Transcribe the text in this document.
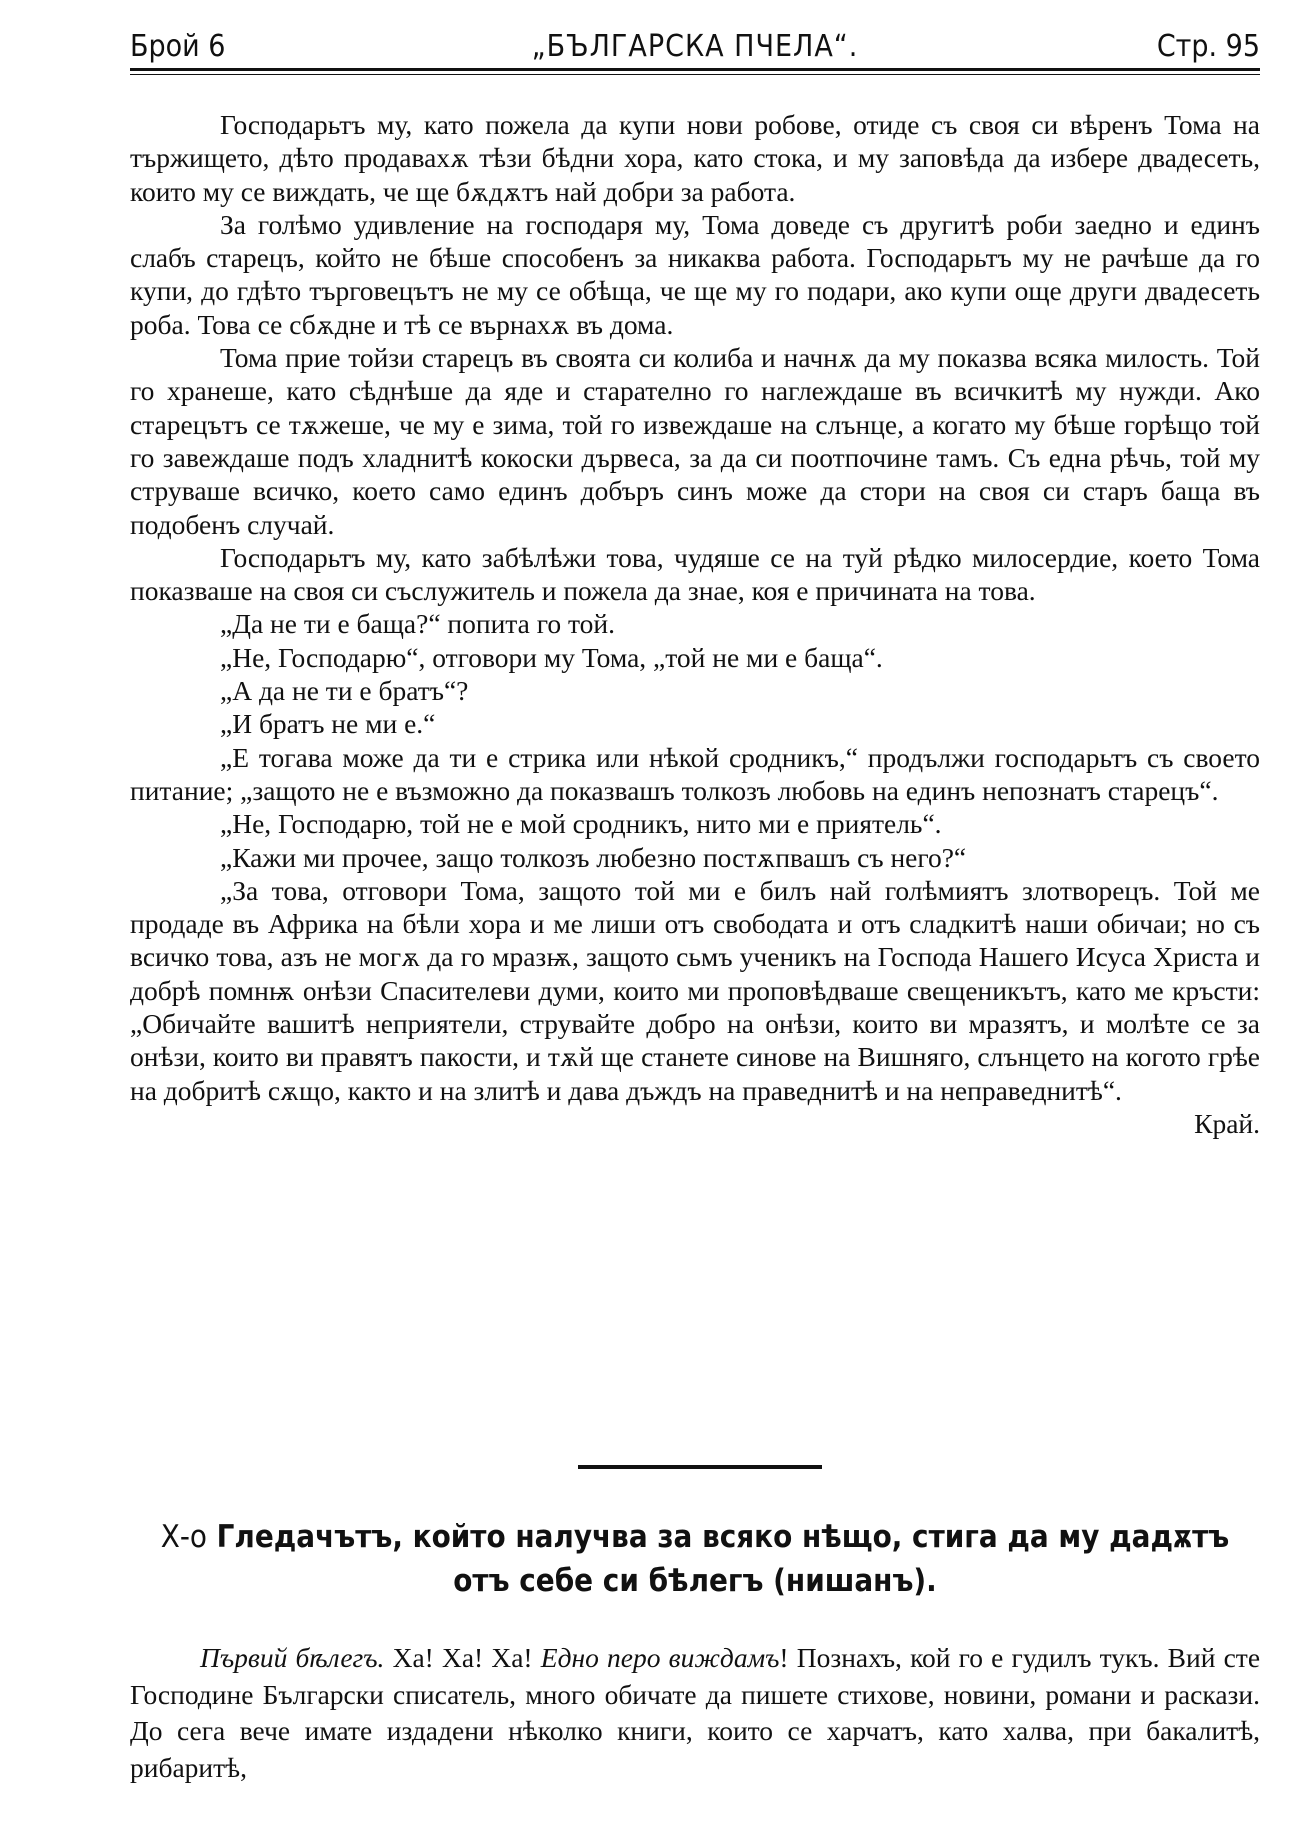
Брой 6	„БЪЛГАРСКА ПЧЕЛА“.	Стр. 95

Господарьтъ му, като пожела да купи нови робове, отиде съ своя си вѣренъ Тома на тържището, дѣто продавахѫ тѣзи бѣдни хора, като стока, и му заповѣда да избере двадесеть, които му се виждать, че ще бѫдѫтъ най добри за работа.

За голѣмо удивление на господаря му, Тома доведе съ другитѣ роби заедно и единъ слабъ старецъ, който не бѣше способенъ за никаква работа. Господарьтъ му не рачѣше да го купи, до гдѣто търговецътъ не му се обѣща, че ще му го подари, ако купи още други двадесеть роба. Това се сбѫдне и тѣ се върнахѫ въ дома.

Тома прие тойзи старецъ въ своята си колиба и начнѫ да му показва всяка милость. Той го хранеше, като сѣднѣше да яде и старателно го наглеждаше въ всичкитѣ му нужди. Ако старецътъ се тѫжеше, че му е зима, той го извеждаше на слънце, а когато му бѣше горѣщо той го завеждаше подъ хладнитѣ кокоски дървеса, за да си поотпочине тамъ. Съ една рѣчь, той му струваше всичко, което само единъ добъръ синъ може да стори на своя си старъ баща въ подобенъ случай.

Господарьтъ му, като забѣлѣжи това, чудяше се на туй рѣдко милосердие, което Тома показваше на своя си съслужитель и пожела да знае, коя е причината на това.

„Да не ти е баща?“ попита го той.

„Не, Господарю“, отговори му Тома, „той не ми е баща“.

„А да не ти е братъ“?

„И братъ не ми е.“

„Е тогава може да ти е стрика или нѣкой сродникъ,“ продължи господарьтъ съ своето питание; „защото не е възможно да показвашъ толкозъ любовь на единъ непознатъ старецъ“.

„Не, Господарю, той не е мой сродникъ, нито ми е приятель“.

„Кажи ми прочее, защо толкозъ любезно постѫпвашъ съ него?“

„За това, отговори Тома, защото той ми е билъ най голѣмиятъ злотворецъ. Той ме продаде въ Африка на бѣли хора и ме лиши отъ свободата и отъ сладкитѣ наши обичаи; но съ всичко това, азъ не могѫ да го мразѭ, защото сьмъ ученикъ на Господа Нашего Исуса Христа и добрѣ помнѭ онѣзи Спасителеви думи, които ми проповѣдваше свещеникътъ, като ме кръсти: „Обичайте вашитѣ неприятели, струвайте добро на онѣзи, които ви мразятъ, и молѣте се за онѣзи, които ви правятъ пакости, и тѫй ще станете синове на Вишняго, слънцето на когото грѣе на добритѣ сѫщо, както и на злитѣ и дава дъждъ на праведнитѣ и на неправеднитѣ“.

Край.

Х-о Гледачътъ, който налучва за всяко нѣщо, стига да му дадѫтъ отъ себе си бѣлегъ (нишанъ).

Първий бѣлегъ. Ха! Ха! Ха! Едно перо виждамъ! Познахъ, кой го е гудилъ тукъ. Вий сте Господине Български списатель, много обичате да пишете стихове, новини, романи и раскази. До сега вече имате издадени нѣколко книги, които се харчатъ, като халва, при бакалитѣ, рибаритѣ,
